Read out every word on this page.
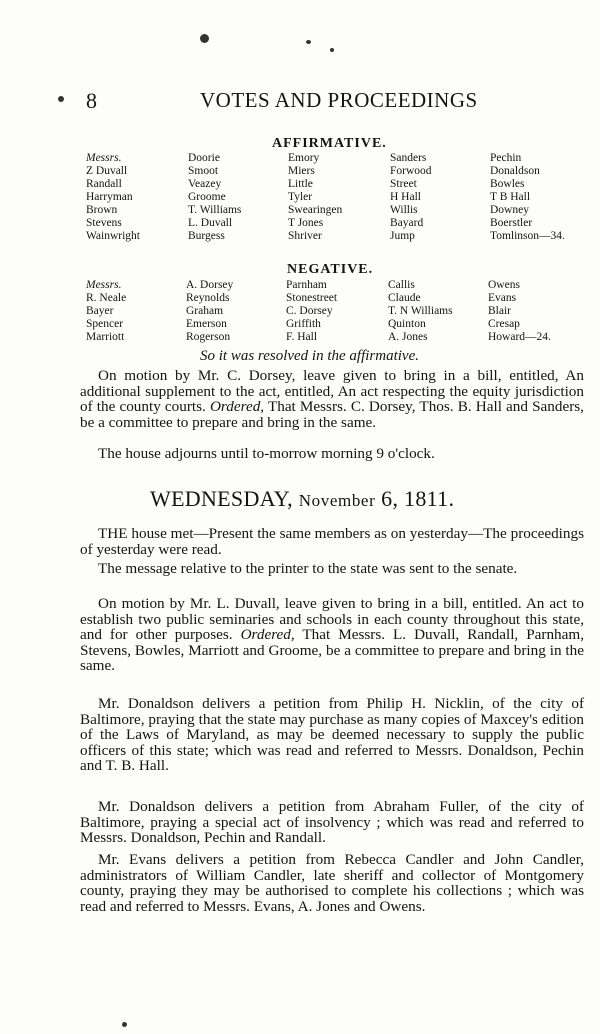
8	VOTES AND PROCEEDINGS
AFFIRMATIVE.
Messrs.
Z Duvall
Randall
Harryman
Brown
Stevens
Wainwright
Doorie
Smoot
Veazey
Groome
T. Williams
L. Duvall
Burgess
Emory
Miers
Little
Tyler
Swearingen
T Jones
Shriver
Sanders
Forwood
Street
H Hall
Willis
Bayard
Jump
Pechin
Donaldson
Bowles
T B Hall
Downey
Boerstler
Tomlinson—34.
NEGATIVE.
Messrs.
R. Neale
Bayer
Spencer
Marriott
A. Dorsey
Reynolds
Graham
Emerson
Rogerson
Parnham
Stonestreet
C. Dorsey
Griffith
F. Hall
Callis
Claude
T. N Williams
Quinton
A. Jones
Owens
Evans
Blair
Cresap
Howard—24.
So it was resolved in the affirmative.

On motion by Mr. C. Dorsey, leave given to bring in a bill, entitled, An additional supplement to the act, entitled, An act respecting the equity jurisdiction of the county courts. Ordered, That Messrs. C. Dorsey, Thos. B. Hall and Sanders, be a committee to prepare and bring in the same.

The house adjourns until to-morrow morning 9 o'clock.

WEDNESDAY, November 6, 1811.

THE house met—Present the same members as on yesterday—The proceedings of yesterday were read.

The message relative to the printer to the state was sent to the senate.

On motion by Mr. L. Duvall, leave given to bring in a bill, entitled. An act to establish two public seminaries and schools in each county throughout this state, and for other purposes. Ordered, That Messrs. L. Duvall, Randall, Parnham, Stevens, Bowles, Marriott and Groome, be a committee to prepare and bring in the same.

Mr. Donaldson delivers a petition from Philip H. Nicklin, of the city of Baltimore, praying that the state may purchase as many copies of Maxcey's edition of the Laws of Maryland, as may be deemed necessary to supply the public officers of this state; which was read and referred to Messrs. Donaldson, Pechin and T. B. Hall.

Mr. Donaldson delivers a petition from Abraham Fuller, of the city of Baltimore, praying a special act of insolvency ; which was read and referred to Messrs. Donaldson, Pechin and Randall.

Mr. Evans delivers a petition from Rebecca Candler and John Candler, administrators of William Candler, late sheriff and collector of Montgomery county, praying they may be authorised to complete his collections ; which was read and referred to Messrs. Evans, A. Jones and Owens.
